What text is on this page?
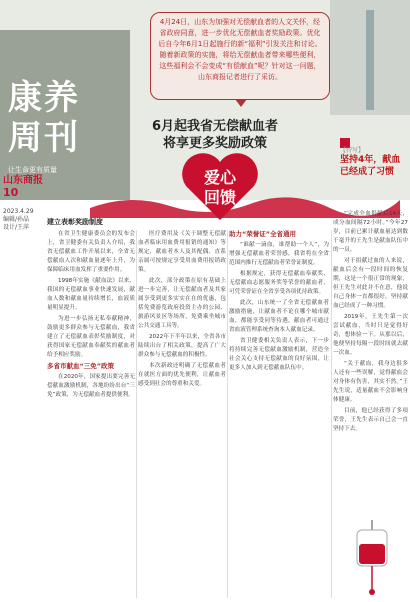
康养
周刊
让生命更有质量
4月24日，山东为加强对无偿献血者的人文关怀，经省政府同意，进一步优化无偿献血者奖励政策。优化后自今年6月1日起施行的新“福利”引发关注和讨论。随着新政策的实施，将给无偿献血者带来哪些便利，这些福利会不会变成“有偿献血”呢？针对这一问题，山东商报记者进行了采访。
6月起我省无偿献血者
将享更多奖励政策
爱心
回馈
山东商报
10
2023.4.29
编辑/孙晶
设计/王萍
【特写】
坚持4年，献血已经成了习惯
建立表彰奖励制度

在省卫生健康委员会的发布会上，省卫健委有关负责人介绍，我省无偿献血工作开展以来，全省无偿献血人次和献血量逐年上升，为保障临床用血发挥了重要作用。

1998年实施《献血法》以来，我国的无偿献血事业快速发展，献血人数和献血量持续增长，血液质量明显提升。

为进一步弘扬无私奉献精神，鼓励更多群众参与无偿献血，我省建立了无偿献血表彰奖励制度，对获得国家无偿献血奉献奖的献血者给予相应奖励。

多省市献血“三免”政策

在2020年，国家提出要完善无偿献血激励机制，各地纷纷出台“三免”政策，为无偿献血者提供便利。

医疗费用及《关于调整无偿献血者临床用血费用报销的通知》等规定，献血者本人及其配偶、直系亲属可按规定享受用血费用报销政策。

此次，部分政策在原有基础上进一步完善，让无偿献血者及其家属享受到更多实实在在的优惠，包括免费游览政府投资主办的公园、旅游风景区等场所，免费乘坐城市公共交通工具等。

2022年下半年以来，全省各市陆续出台了相关政策，提高了广大群众参与无偿献血的积极性。

本次新政还明确了无偿献血者在就医方面的优先便利，让献血者感受到社会的尊重和关爱。

助力“荣誉证”全省通用

“谁献一滴血，谁帮助一个人”，为增强无偿献血者荣誉感，我省将在全省范围内推行无偿献血者荣誉证制度。

根据规定，获得无偿献血奉献奖、无偿献血志愿服务奖等荣誉的献血者，可凭荣誉证在全省享受各项优待政策。

此次，山东统一了全省无偿献血者激励措施，让献血者不论在哪个城市献血，都能享受同等待遇，献血者可通过省血液管理系统查询本人献血记录。

省卫健委相关负责人表示，下一步将持续完善无偿献血激励机制，营造全社会关心支持无偿献血的良好氛围，让更多人加入到无偿献血队伍中。

“完成全血捐献后14天，成分血间隔72小时。”今年27岁，目前已累计献血量达到数千毫升的王先生是献血队伍中的一员。

对于捐献过血的人来说，献血后会有一段时间的恢复期，这是一个很正常的现象，但王先生对此并不在意，他说自己身体一直都很好，坚持献血已经成了一种习惯。

2019年，王先生第一次尝试献血，当时只是觉得好奇，想体验一下。从那以后，他便坚持每隔一段时间就去献一次血。

“关于献血，我身边很多人还有一些误解，觉得献血会对身体有伤害，其实不然。”王先生说，适量献血不会影响身体健康。

目前，他已经获得了多项荣誉，王先生表示自己会一直坚持下去。
